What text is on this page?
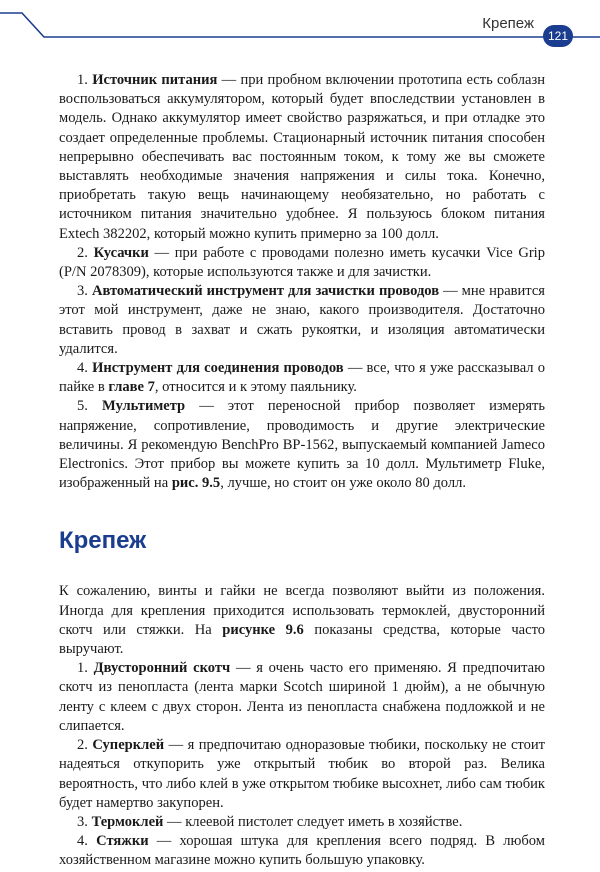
Крепеж
121

1. Источник питания — при пробном включении прототипа есть соблазн воспользоваться аккумулятором, который будет впоследствии установлен в модель. Однако аккумулятор имеет свойство разряжаться, и при отладке это создает определенные проблемы. Стационарный источник питания способен непрерывно обеспечивать вас постоянным током, к тому же вы сможете выставлять необходимые значения напряжения и силы тока. Конечно, приобретать такую вещь начинающему необязательно, но работать с источником питания значительно удобнее. Я пользуюсь блоком питания Extech 382202, который можно купить примерно за 100 долл.

2. Кусачки — при работе с проводами полезно иметь кусачки Vice Grip (P/N 2078309), которые используются также и для зачистки.

3. Автоматический инструмент для зачистки проводов — мне нравится этот мой инструмент, даже не знаю, какого производителя. Достаточно вставить провод в захват и сжать рукоятки, и изоляция автоматически удалится.

4. Инструмент для соединения проводов — все, что я уже рассказывал о пайке в главе 7, относится и к этому паяльнику.

5. Мультиметр — этот переносной прибор позволяет измерять напряжение, сопротивление, проводимость и другие электрические величины. Я рекомендую BenchPro BP-1562, выпускаемый компанией Jameco Electronics. Этот прибор вы можете купить за 10 долл. Мультиметр Fluke, изображенный на рис. 9.5, лучше, но стоит он уже около 80 долл.

Крепеж

К сожалению, винты и гайки не всегда позволяют выйти из положения. Иногда для крепления приходится использовать термоклей, двусторонний скотч или стяжки. На рисунке 9.6 показаны средства, которые часто выручают.

1. Двусторонний скотч — я очень часто его применяю. Я предпочитаю скотч из пенопласта (лента марки Scotch шириной 1 дюйм), а не обычную ленту с клеем с двух сторон. Лента из пенопласта снабжена подложкой и не слипается.

2. Суперклей — я предпочитаю одноразовые тюбики, поскольку не стоит надеяться откупорить уже открытый тюбик во второй раз. Велика вероятность, что либо клей в уже открытом тюбике высохнет, либо сам тюбик будет намертво закупорен.

3. Термоклей — клеевой пистолет следует иметь в хозяйстве.

4. Стяжки — хорошая штука для крепления всего подряд. В любом хозяйственном магазине можно купить большую упаковку.
